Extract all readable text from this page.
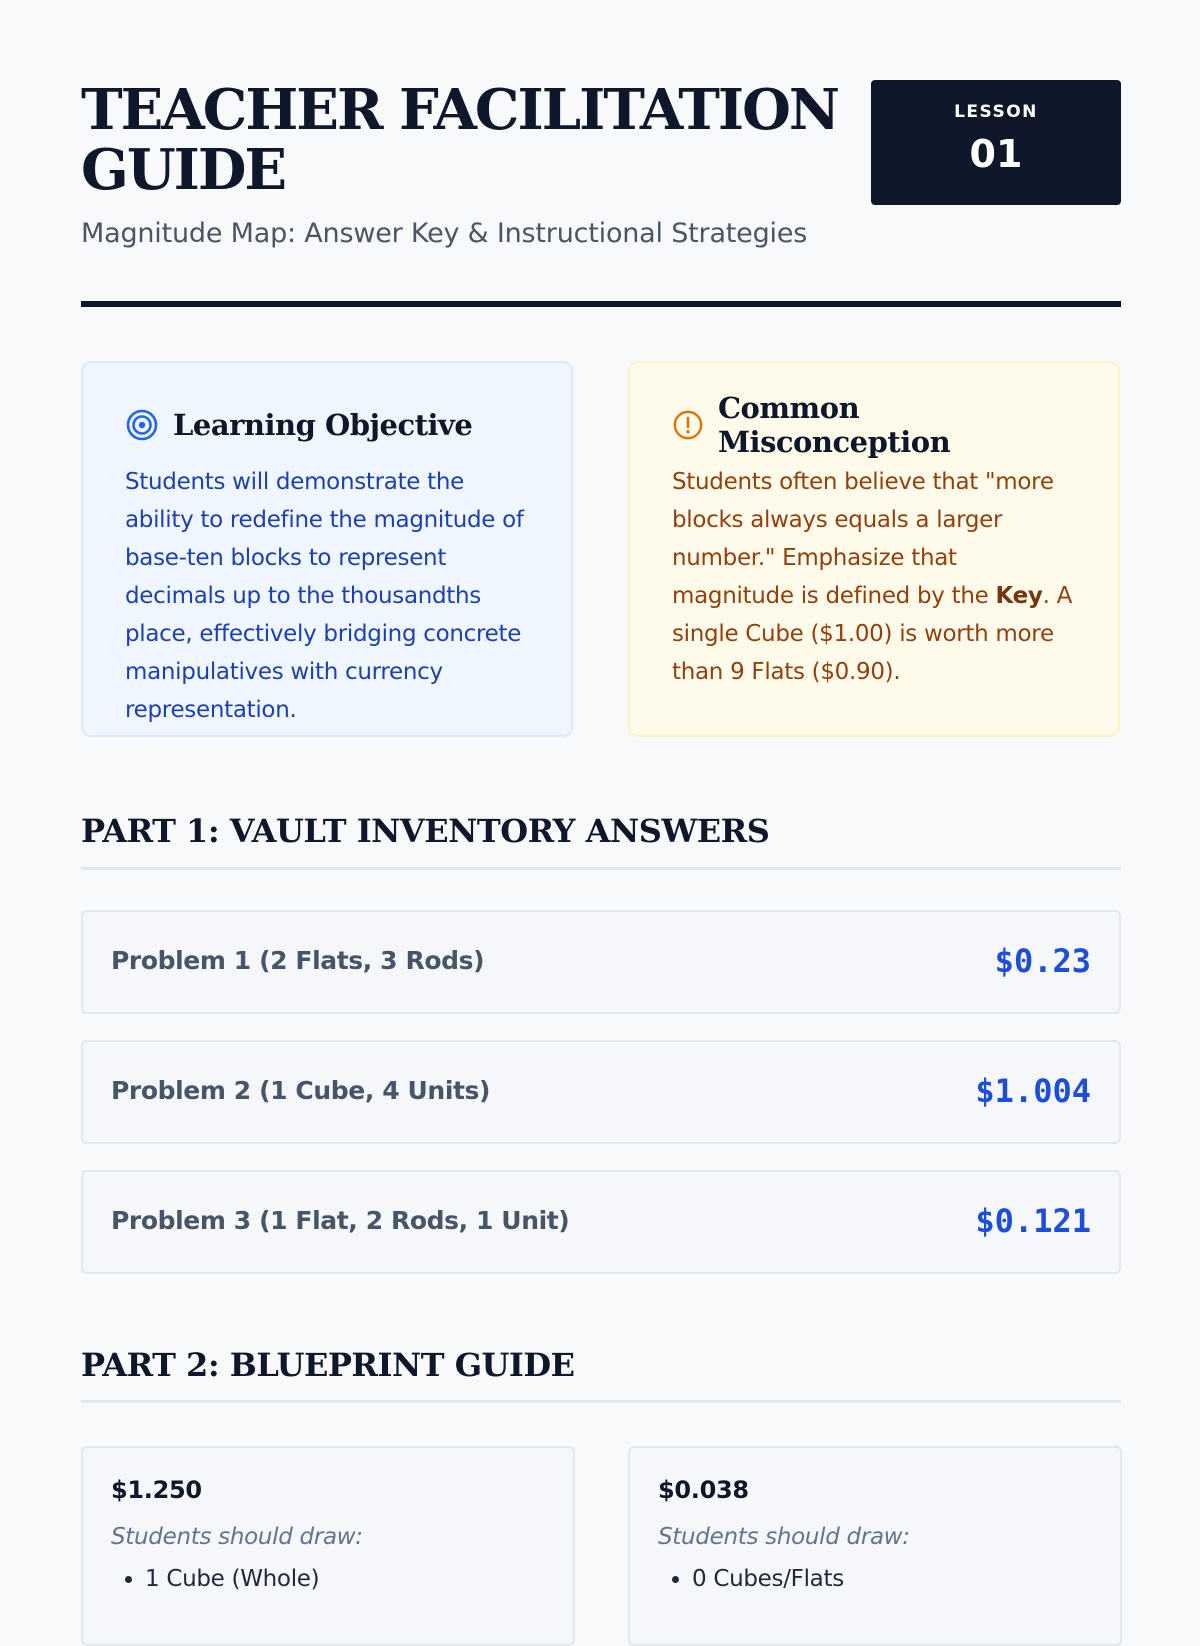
TEACHER FACILITATION
GUIDE
Magnitude Map: Answer Key & Instructional Strategies
LESSON
01
Learning Objective
Students will demonstrate the ability to redefine the magnitude of base-ten blocks to represent decimals up to the thousandths place, effectively bridging concrete manipulatives with currency representation.
Common Misconception
Students often believe that "more blocks always equals a larger number." Emphasize that magnitude is defined by the Key. A single Cube ($1.00) is worth more than 9 Flats ($0.90).
PART 1: VAULT INVENTORY ANSWERS
Problem 1 (2 Flats, 3 Rods)	$0.23
Problem 2 (1 Cube, 4 Units)	$1.004
Problem 3 (1 Flat, 2 Rods, 1 Unit)	$0.121
PART 2: BLUEPRINT GUIDE
$1.250
Students should draw:
• 1 Cube (Whole)
$0.038
Students should draw:
• 0 Cubes/Flats
